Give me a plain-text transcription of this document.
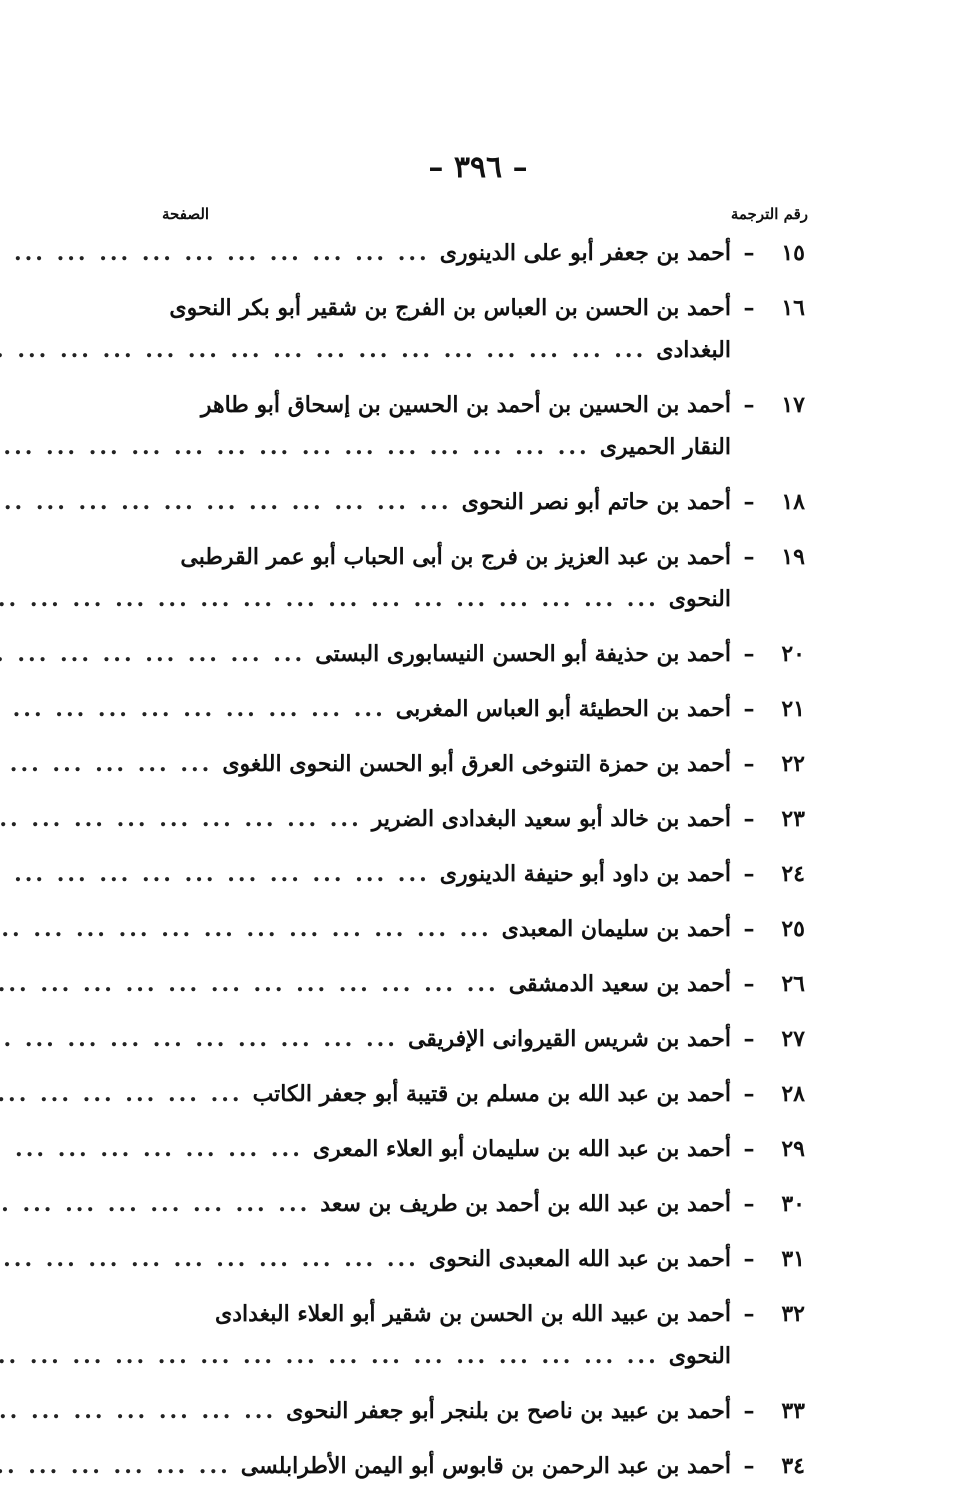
– ٣٩٦ –
رقم الترجمة
الصفحة
١٥
–
أحمد بن جعفر أبو على الدينورى
... .
١٦
–
أحمد بن الحسن بن العباس بن الفرج بن شقير أبو بكر النحوى
البغدادى
... .
١٧
–
أحمد بن الحسين بن أحمد بن الحسين بن إسحاق أبو طاهر
النقار الحميرى
... .
١٨
–
أحمد بن حاتم أبو نصر النحوى
... .
١٩
–
أحمد بن عبد العزيز بن فرج بن أبى الحباب أبو عمر القرطبى
النحوى
... .
٢٠
–
أحمد بن حذيفة أبو الحسن النيسابورى البستى
... .
٢١
–
أحمد بن الحطيئة أبو العباس المغربى
... .
٢٢
–
أحمد بن حمزة التنوخى العرق أبو الحسن النحوى اللغوى
... .
٢٣
–
أحمد بن خالد أبو سعيد البغدادى الضرير
... .
٢٤
–
أحمد بن داود أبو حنيفة الدينورى
... .
٢٥
–
أحمد بن سليمان المعبدى
... .
٢٦
–
أحمد بن سعيد الدمشقى
... .
٢٧
–
أحمد بن شريس القيروانى الإفريقى
... .
٢٨
–
أحمد بن عبد الله بن مسلم بن قتيبة أبو جعفر الكاتب
... .
٢٩
–
أحمد بن عبد الله بن سليمان أبو العلاء المعرى
... .
٣٠
–
أحمد بن عبد الله بن أحمد بن طريف بن سعد
... .
٣١
–
أحمد بن عبد الله المعبدى النحوى
... .
٣٢
–
أحمد بن عبيد الله بن الحسن بن شقير أبو العلاء البغدادى
النحوى
... .
٣٣
–
أحمد بن عبيد بن ناصح بن بلنجر أبو جعفر النحوى
... .
٣٤
–
أحمد بن عبد الرحمن بن قابوس أبو اليمن الأطرابلسى
... .
